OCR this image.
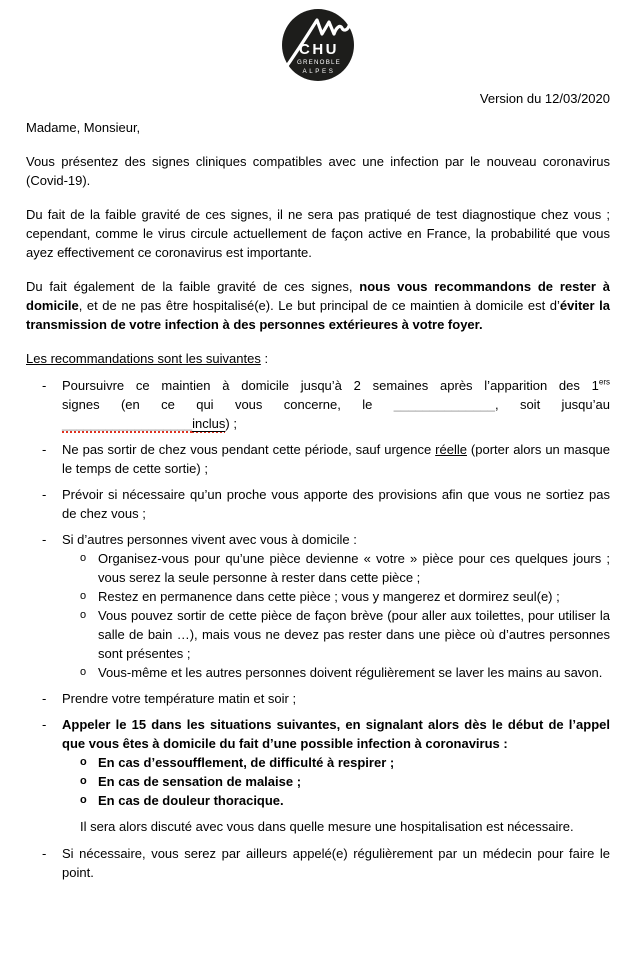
CHU
GRENOBLE
ALPES
Version du 12/03/2020

Madame, Monsieur,

Vous présentez des signes cliniques compatibles avec une infection par le nouveau coronavirus (Covid-19).

Du fait de la faible gravité de ces signes, il ne sera pas pratiqué de test diagnostique chez vous ; cependant, comme le virus circule actuellement de façon active en France, la probabilité que vous ayez effectivement ce coronavirus est importante.

Du fait également de la faible gravité de ces signes, nous vous recommandons de rester à domicile, et de ne pas être hospitalisé(e). Le but principal de ce maintien à domicile est d’éviter la transmission de votre infection à des personnes extérieures à votre foyer.

Les recommandations sont les suivantes :

-	Poursuivre ce maintien à domicile jusqu’à 2 semaines après l’apparition des 1ers
signes (en ce qui vous concerne, le ______________, soit jusqu’au
__________________inclus) ;
-	Ne pas sortir de chez vous pendant cette période, sauf urgence réelle (porter alors un masque le temps de cette sortie) ;
-	Prévoir si nécessaire qu’un proche vous apporte des provisions afin que vous ne sortiez pas de chez vous ;
-	Si d’autres personnes vivent avec vous à domicile :
o Organisez-vous pour qu’une pièce devienne « votre » pièce pour ces quelques jours ; vous serez la seule personne à rester dans cette pièce ;
o Restez en permanence dans cette pièce ; vous y mangerez et dormirez seul(e) ;
o Vous pouvez sortir de cette pièce de façon brève (pour aller aux toilettes, pour utiliser la salle de bain …), mais vous ne devez pas rester dans une pièce où d’autres personnes sont présentes ;
o Vous-même et les autres personnes doivent régulièrement se laver les mains au savon.
-	Prendre votre température matin et soir ;
-	Appeler le 15 dans les situations suivantes, en signalant alors dès le début de l’appel que vous êtes à domicile du fait d’une possible infection à coronavirus :
o En cas d’essoufflement, de difficulté à respirer ;
o En cas de sensation de malaise ;
o En cas de douleur thoracique.
Il sera alors discuté avec vous dans quelle mesure une hospitalisation est nécessaire.
-	Si nécessaire, vous serez par ailleurs appelé(e) régulièrement par un médecin pour faire le point.
